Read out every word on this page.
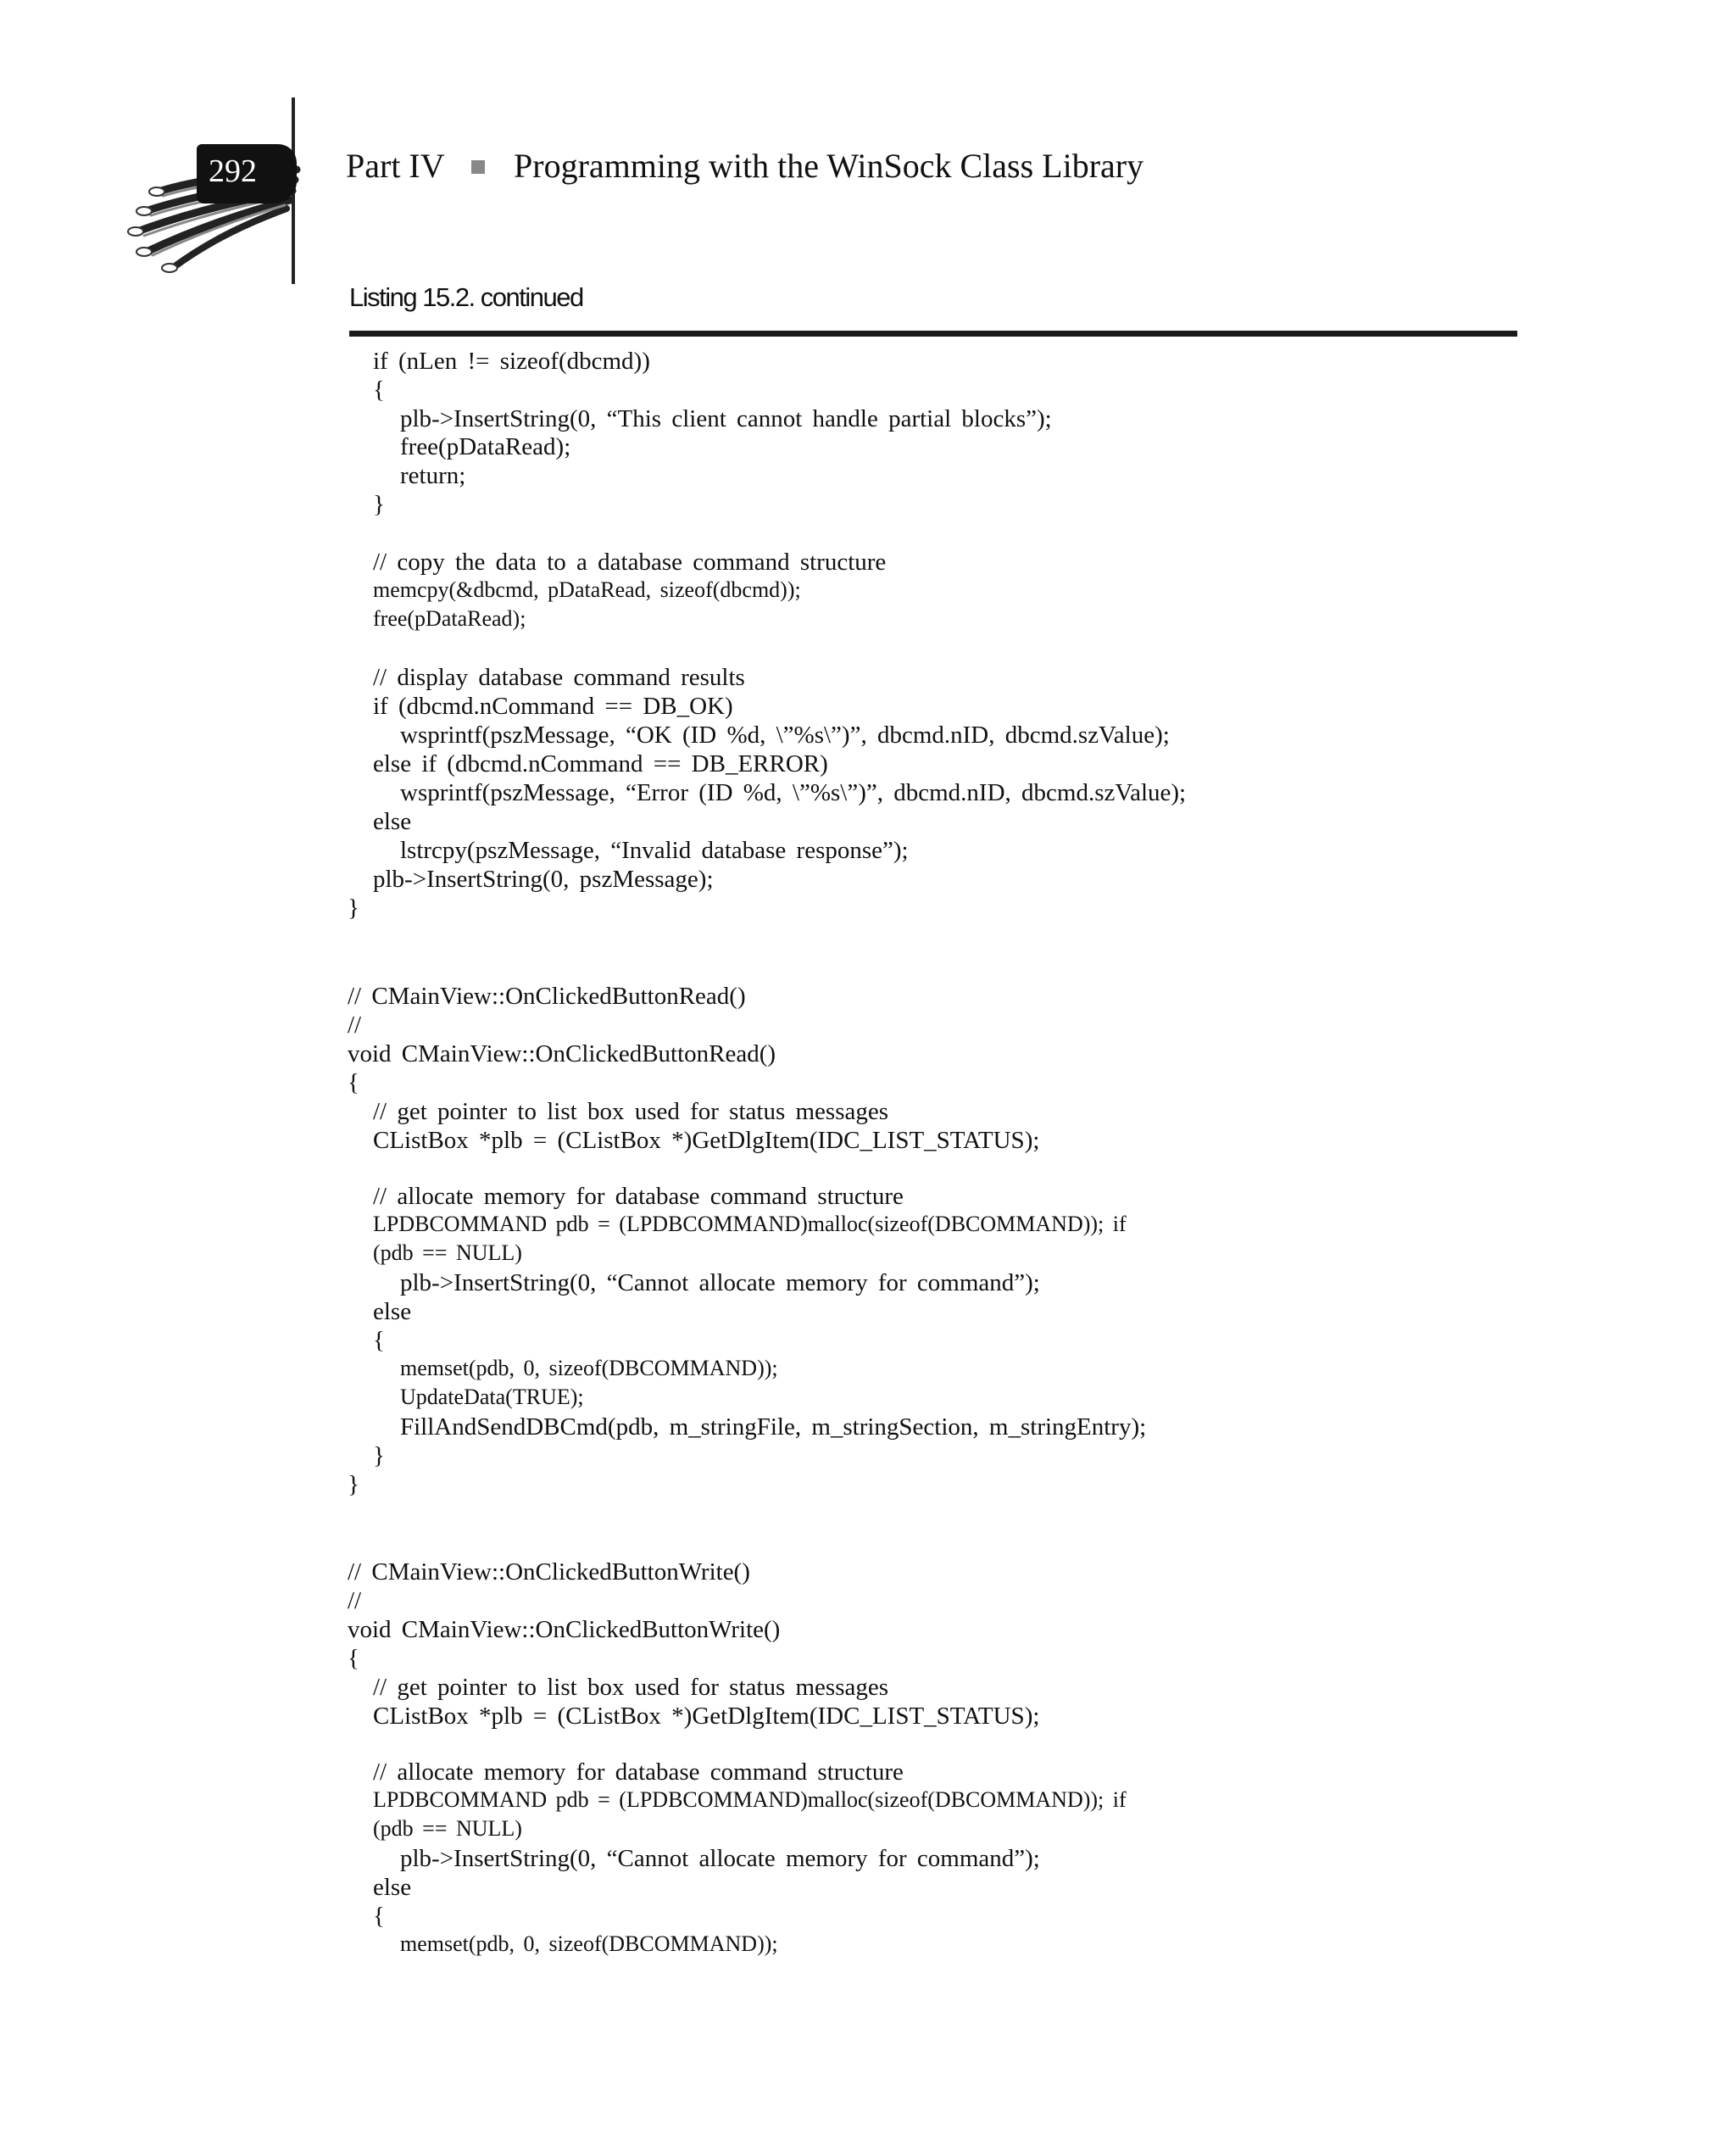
292	Part IV Programming with the WinSock Class Library
Listing 15.2. continued
if (nLen != sizeof(dbcmd))
{
plb->InsertString(0, “This client cannot handle partial blocks”);
free(pDataRead);
return;
}
// copy the data to a database command structure
memcpy(&dbcmd, pDataRead, sizeof(dbcmd));
free(pDataRead);
// display database command results
if (dbcmd.nCommand == DB_OK)
wsprintf(pszMessage, “OK (ID %d, \”%s\”)”, dbcmd.nID, dbcmd.szValue);
else if (dbcmd.nCommand == DB_ERROR)
wsprintf(pszMessage, “Error (ID %d, \”%s\”)”, dbcmd.nID, dbcmd.szValue);
else
lstrcpy(pszMessage, “Invalid database response”);
plb->InsertString(0, pszMessage);
}
// CMainView::OnClickedButtonRead()
//
void CMainView::OnClickedButtonRead()
{
// get pointer to list box used for status messages
CListBox *plb = (CListBox *)GetDlgItem(IDC_LIST_STATUS);
// allocate memory for database command structure
LPDBCOMMAND pdb = (LPDBCOMMAND)malloc(sizeof(DBCOMMAND)); if
(pdb == NULL)
plb->InsertString(0, “Cannot allocate memory for command”);
else
{
memset(pdb, 0, sizeof(DBCOMMAND));
UpdateData(TRUE);
FillAndSendDBCmd(pdb, m_stringFile, m_stringSection, m_stringEntry);
}
}
// CMainView::OnClickedButtonWrite()
//
void CMainView::OnClickedButtonWrite()
{
// get pointer to list box used for status messages
CListBox *plb = (CListBox *)GetDlgItem(IDC_LIST_STATUS);
// allocate memory for database command structure
LPDBCOMMAND pdb = (LPDBCOMMAND)malloc(sizeof(DBCOMMAND)); if
(pdb == NULL)
plb->InsertString(0, “Cannot allocate memory for command”);
else
{
memset(pdb, 0, sizeof(DBCOMMAND));
